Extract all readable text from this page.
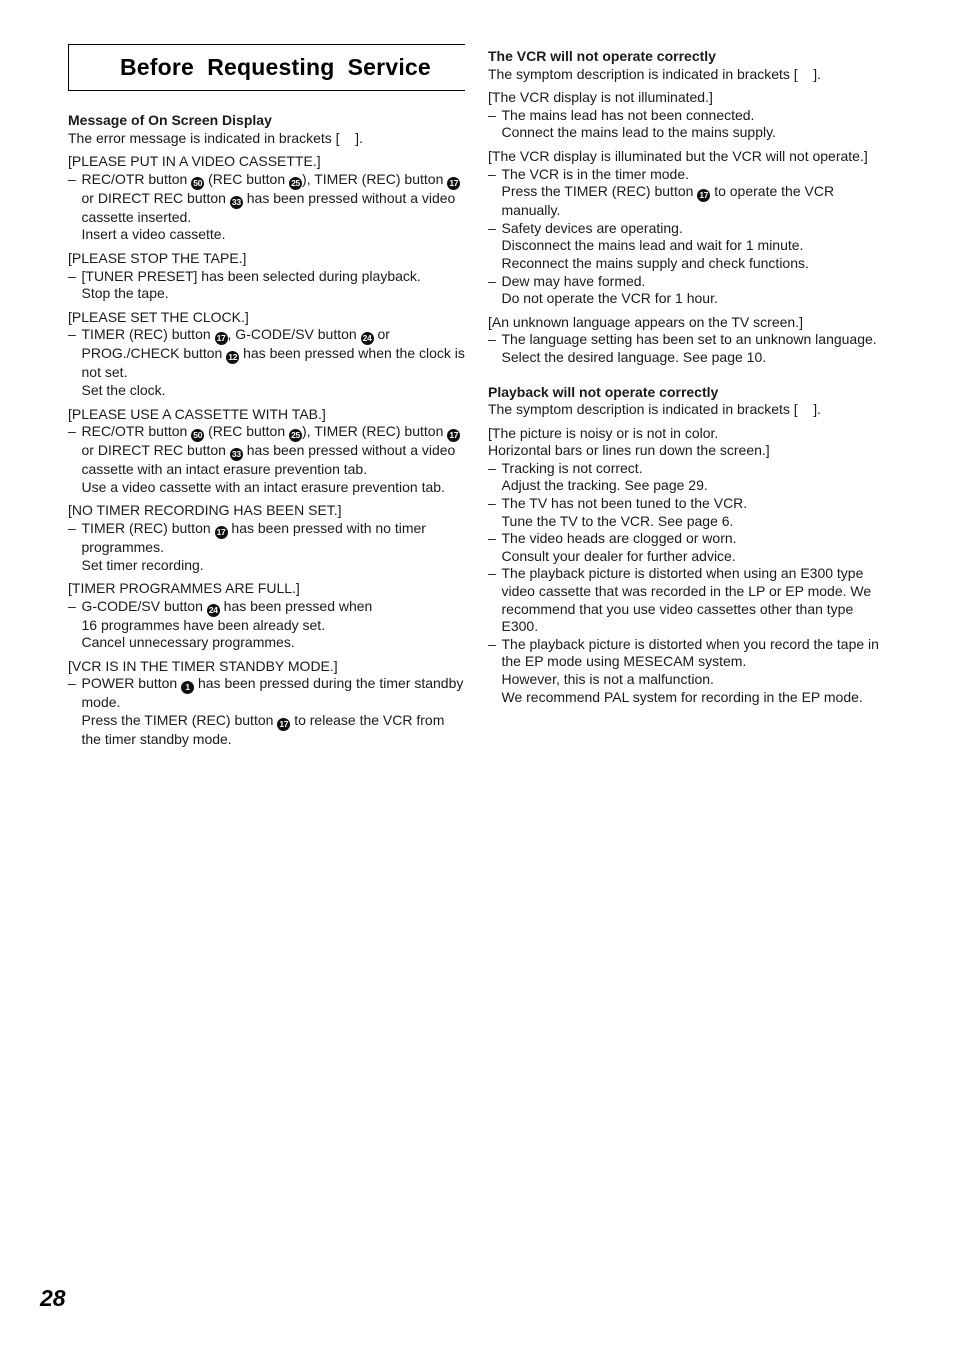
Before  Requesting  Service

Message of On Screen Display

The error message is indicated in brackets [    ].

[PLEASE PUT IN A VIDEO CASSETTE.]

– REC/OTR button 50 (REC button 25 ), TIMER (REC) button 17 or DIRECT REC button 33 has been pressed without a video cassette inserted.
Insert a video cassette.

[PLEASE STOP THE TAPE.]

– [TUNER PRESET] has been selected during playback.
Stop the tape.

[PLEASE SET THE CLOCK.]

– TIMER (REC) button 17 , G-CODE/SV button 24 or PROG./CHECK button 12 has been pressed when the clock is not set.
Set the clock.

[PLEASE USE A CASSETTE WITH TAB.]

– REC/OTR button 50 (REC button 25 ), TIMER (REC) button 17 or DIRECT REC button 33 has been pressed without a video cassette with an intact erasure prevention tab.
Use a video cassette with an intact erasure prevention tab.

[NO TIMER RECORDING HAS BEEN SET.]

– TIMER (REC) button 17 has been pressed with no timer programmes.
Set timer recording.

[TIMER PROGRAMMES ARE FULL.]

– G-CODE/SV button 24 has been pressed when
16 programmes have been already set.
Cancel unnecessary programmes.

[VCR IS IN THE TIMER STANDBY MODE.]

– POWER button 1 has been pressed during the timer standby mode.
Press the TIMER (REC) button 17 to release the VCR from the timer standby mode.

The VCR will not operate correctly

The symptom description is indicated in brackets [    ].

[The VCR display is not illuminated.]

– The mains lead has not been connected.
Connect the mains lead to the mains supply.

[The VCR display is illuminated but the VCR will not operate.]

– The VCR is in the timer mode.
Press the TIMER (REC) button 17 to operate the VCR manually.

– Safety devices are operating.
Disconnect the mains lead and wait for 1 minute.
Reconnect the mains supply and check functions.

– Dew may have formed.
Do not operate the VCR for 1 hour.

[An unknown language appears on the TV screen.]

– The language setting has been set to an unknown language.
Select the desired language. See page 10.

Playback will not operate correctly

The symptom description is indicated in brackets [    ].

[The picture is noisy or is not in color.
Horizontal bars or lines run down the screen.]

– Tracking is not correct.
Adjust the tracking. See page 29.

– The TV has not been tuned to the VCR.
Tune the TV to the VCR. See page 6.

– The video heads are clogged or worn.
Consult your dealer for further advice.

– The playback picture is distorted when using an E300 type video cassette that was recorded in the LP or EP mode. We recommend that you use video cassettes other than type E300.

– The playback picture is distorted when you record the tape in the EP mode using MESECAM system.
However, this is not a malfunction.
We recommend PAL system for recording in the EP mode.

28
